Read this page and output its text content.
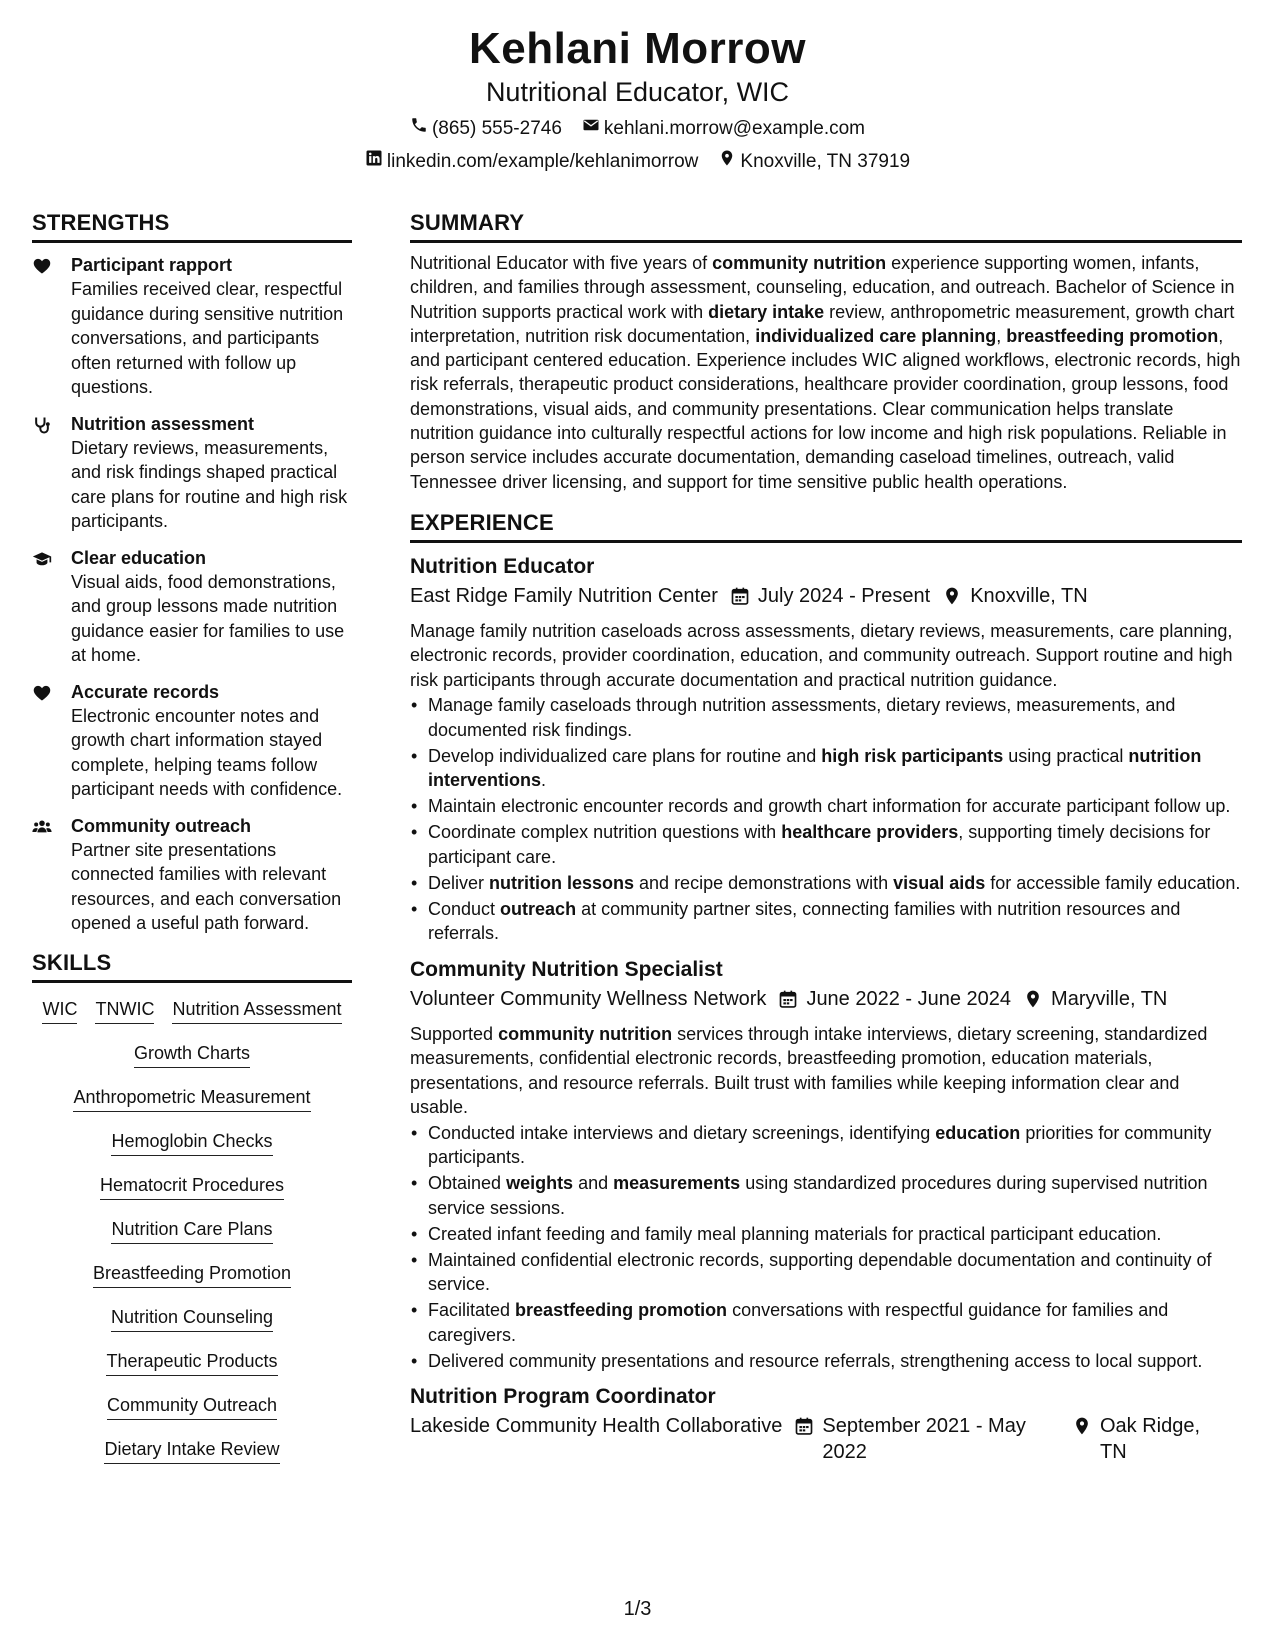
Kehlani Morrow
Nutritional Educator, WIC
(865) 555-2746 kehlani.morrow@example.com
linkedin.com/example/kehlanimorrow Knoxville, TN 37919
STRENGTHS
Participant rapport
Families received clear, respectful guidance during sensitive nutrition conversations, and participants often returned with follow up questions.
Nutrition assessment
Dietary reviews, measurements, and risk findings shaped practical care plans for routine and high risk participants.
Clear education
Visual aids, food demonstrations, and group lessons made nutrition guidance easier for families to use at home.
Accurate records
Electronic encounter notes and growth chart information stayed complete, helping teams follow participant needs with confidence.
Community outreach
Partner site presentations connected families with relevant resources, and each conversation opened a useful path forward.
SKILLS
WIC TNWIC Nutrition Assessment
Growth Charts
Anthropometric Measurement
Hemoglobin Checks
Hematocrit Procedures
Nutrition Care Plans
Breastfeeding Promotion
Nutrition Counseling
Therapeutic Products
Community Outreach
Dietary Intake Review
SUMMARY
Nutritional Educator with five years of community nutrition experience supporting women, infants, children, and families through assessment, counseling, education, and outreach. Bachelor of Science in Nutrition supports practical work with dietary intake review, anthropometric measurement, growth chart interpretation, nutrition risk documentation, individualized care planning, breastfeeding promotion, and participant centered education. Experience includes WIC aligned workflows, electronic records, high risk referrals, therapeutic product considerations, healthcare provider coordination, group lessons, food demonstrations, visual aids, and community presentations. Clear communication helps translate nutrition guidance into culturally respectful actions for low income and high risk populations. Reliable in person service includes accurate documentation, demanding caseload timelines, outreach, valid Tennessee driver licensing, and support for time sensitive public health operations.
EXPERIENCE
Nutrition Educator
East Ridge Family Nutrition Center July 2024 - Present Knoxville, TN
Manage family nutrition caseloads across assessments, dietary reviews, measurements, care planning, electronic records, provider coordination, education, and community outreach. Support routine and high risk participants through accurate documentation and practical nutrition guidance.
• Manage family caseloads through nutrition assessments, dietary reviews, measurements, and documented risk findings.
• Develop individualized care plans for routine and high risk participants using practical nutrition interventions.
• Maintain electronic encounter records and growth chart information for accurate participant follow up.
• Coordinate complex nutrition questions with healthcare providers, supporting timely decisions for participant care.
• Deliver nutrition lessons and recipe demonstrations with visual aids for accessible family education.
• Conduct outreach at community partner sites, connecting families with nutrition resources and referrals.
Community Nutrition Specialist
Volunteer Community Wellness Network June 2022 - June 2024 Maryville, TN
Supported community nutrition services through intake interviews, dietary screening, standardized measurements, confidential electronic records, breastfeeding promotion, education materials, presentations, and resource referrals. Built trust with families while keeping information clear and usable.
• Conducted intake interviews and dietary screenings, identifying education priorities for community participants.
• Obtained weights and measurements using standardized procedures during supervised nutrition service sessions.
• Created infant feeding and family meal planning materials for practical participant education.
• Maintained confidential electronic records, supporting dependable documentation and continuity of service.
• Facilitated breastfeeding promotion conversations with respectful guidance for families and caregivers.
• Delivered community presentations and resource referrals, strengthening access to local support.
Nutrition Program Coordinator
Lakeside Community Health Collaborative September 2021 - May 2022
Oak Ridge, TN
1/3
